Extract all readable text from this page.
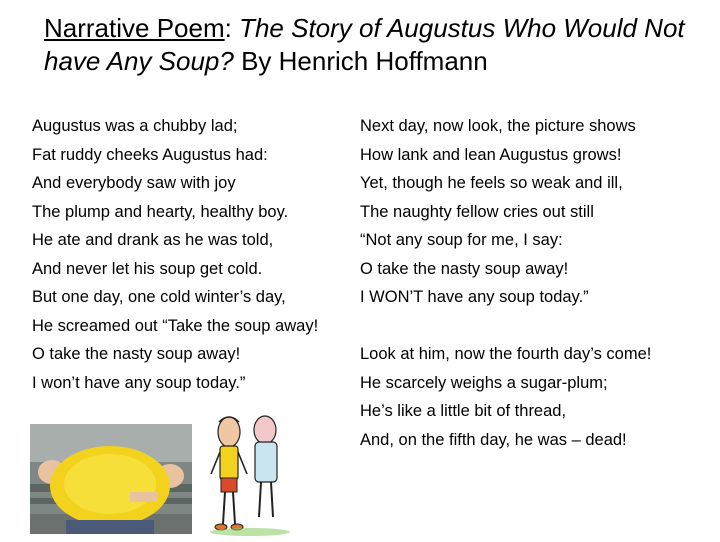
Narrative Poem: The Story of Augustus Who Would Not have Any Soup? By Henrich Hoffmann
Augustus was a chubby lad;
Fat ruddy cheeks Augustus had:
And everybody saw with joy
The plump and hearty, healthy boy.
He ate and drank as he was told,
And never let his soup get cold.
But one day, one cold winter’s day,
He screamed out “Take the soup away!
O take the nasty soup away!
I won’t have any soup today.”
Next day, now look, the picture shows
How lank and lean Augustus grows!
Yet, though he feels so weak and ill,
The naughty fellow cries out still
“Not any soup for me, I say:
O take the nasty soup away!
I WON’T have any soup today.”
Look at him, now the fourth day’s come!
He scarcely weighs a sugar-plum;
He’s like a little bit of thread,
And, on the fifth day, he was – dead!
